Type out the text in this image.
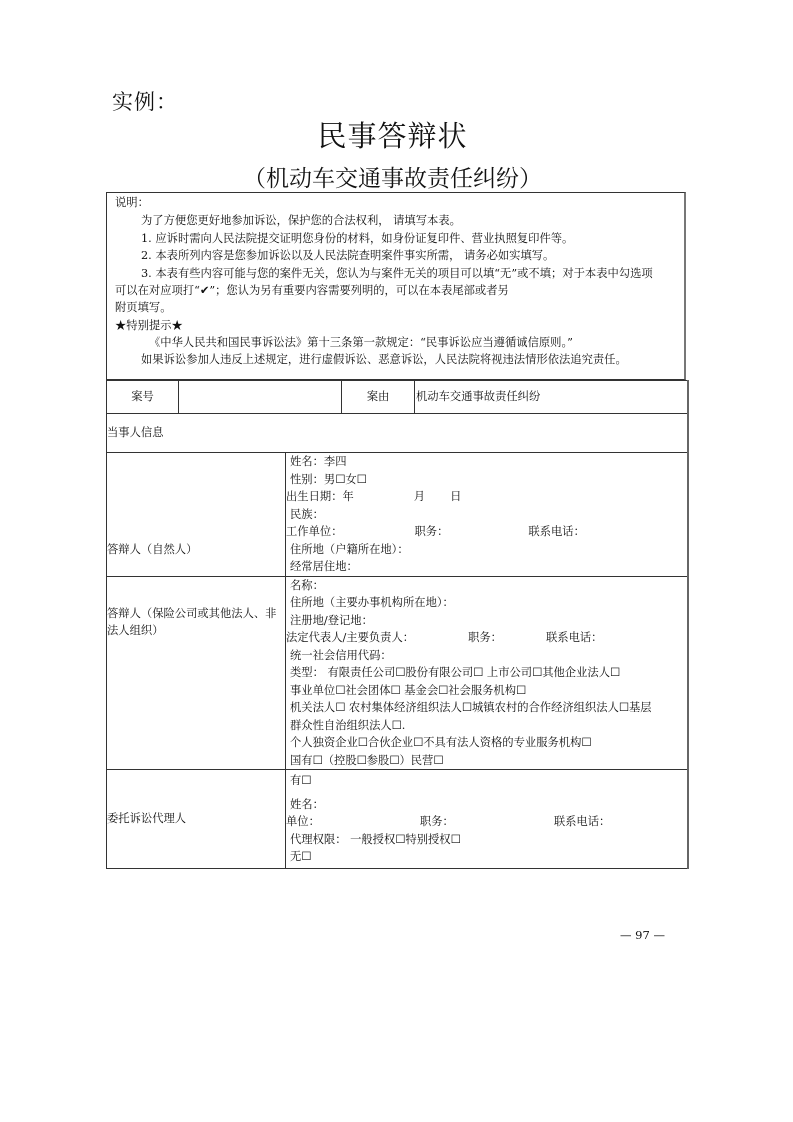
实例：
民事答辩状
（机动车交通事故责任纠纷）
说明：
为了方便您更好地参加诉讼，保护您的合法权利， 请填写本表。
1. 应诉时需向人民法院提交证明您身份的材料，如身份证复印件、营业执照复印件等。
2. 本表所列内容是您参加诉讼以及人民法院查明案件事实所需， 请务必如实填写。
3. 本表有些内容可能与您的案件无关，您认为与案件无关的项目可以填“无”或不填；对于本表中勾选项
可以在对应项打“✔”；您认为另有重要内容需要列明的，可以在本表尾部或者另
附页填写。
★特别提示★
《中华人民共和国民事诉讼法》第十三条第一款规定：“民事诉讼应当遵循诚信原则。”
如果诉讼参加人违反上述规定，进行虚假诉讼、恶意诉讼，人民法院将视违法情形依法追究责任。
案号			案由	机动车交通事故责任纠纷
当事人信息				
答辩人（自然人）	
姓名：李四
性别：男☐女☐
出生日期：年	月 日
民族：
工作单位：	职务：	联系电话：
住所地（户籍所在地）：
经常居住地：

答辩人（保险公司或其他法人、非
法人组织）

名称：
住所地（主要办事机构所在地）：
注册地/登记地：
法定代表人/主要负责人：	职务：	联系电话：
统一社会信用代码：
类型： 有限责任公司☐股份有限公司☐ 上市公司☐其他企业法人☐
事业单位☐社会团体☐ 基金会☐社会服务机构☐
机关法人☐ 农村集体经济组织法人☐城镇农村的合作经济组织法人☐基层
群众性自治组织法人☐.
个人独资企业☐合伙企业☐不具有法人资格的专业服务机构☐
国有☐（控股☐参股☐）民营☐

委托诉讼代理人		有☐
姓名：
单位： 职务： 联系电话：
代理权限： 一般授权☐特别授权☐
无☐		
— 97 —
